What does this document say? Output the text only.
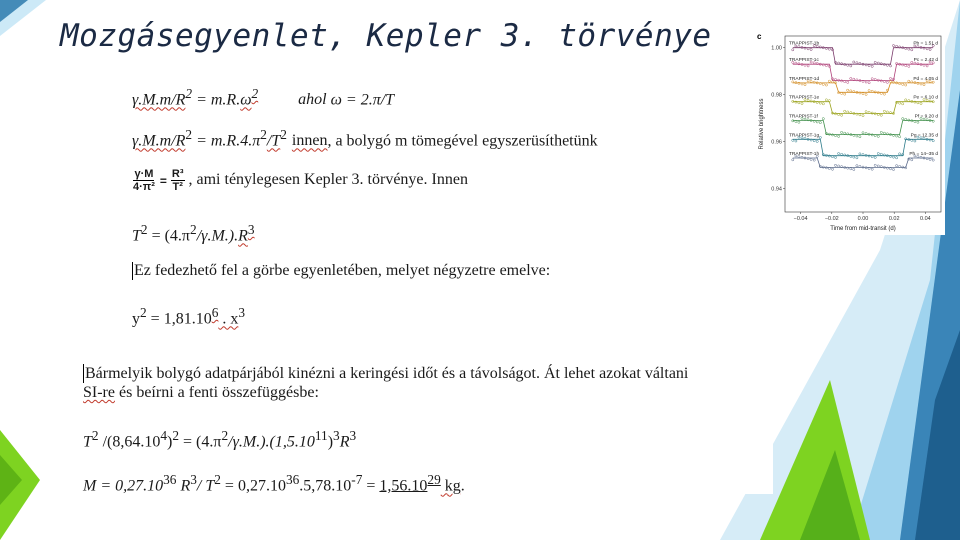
Mozgásegyenlet, Kepler 3. törvénye
$\gamma.M.m/R^2 = m.R.\omega^2$	ahol ω = 2.π/T
$\gamma.M.m/R^2 = m.R.4.\pi^2/T^2$ innen, a bolygó m tömegével egyszerüsíthetünk
$\frac{\gamma\cdot M}{\text{4·π²}} = \frac{\text{R³}}{\text{T²}}$ , ami ténylegesen Kepler 3. törvénye. Innen
$T^2 = (4.\pi^2/\gamma.M.).R^3$
Ez fedezhető fel a görbe egyenletében, melyet négyzetre emelve:
$y^2 = 1,81.10^6$ . $x^3$
Bármelyik bolygó adatpárjából kinézni a keringési időt és a távolságot. Át lehet azokat váltani
SI-re és beírni a fenti összefüggésbe:
$T^2$ $/(8,64.10^4)^2 = (4.\pi^2/\gamma.M.).(1,5.10^{11})^3R^3$
$M = 0,27.10^{36}$ $R^3/$ $T^2 = 0,27.10^{36}.5,78.10^{-7} = 1,56.10^{29}$ kg.
c
−0.04	−0.02	0.00	0.02	0.04
1.00
0.98
0.96
0.94
Time from mid-transit (d)
Relative brightness
TRAPPIST-1b	Pb = 1.51 d
TRAPPIST-1c	Pc = 2.42 d
TRAPPIST-1d	Pd = 4.05 d
TRAPPIST-1e	Pe = 6.10 d
TRAPPIST-1f	Pf = 9.20 d
TRAPPIST-1g	Pg = 12.35 d
TRAPPIST-1h	Ph = 14–35 d
